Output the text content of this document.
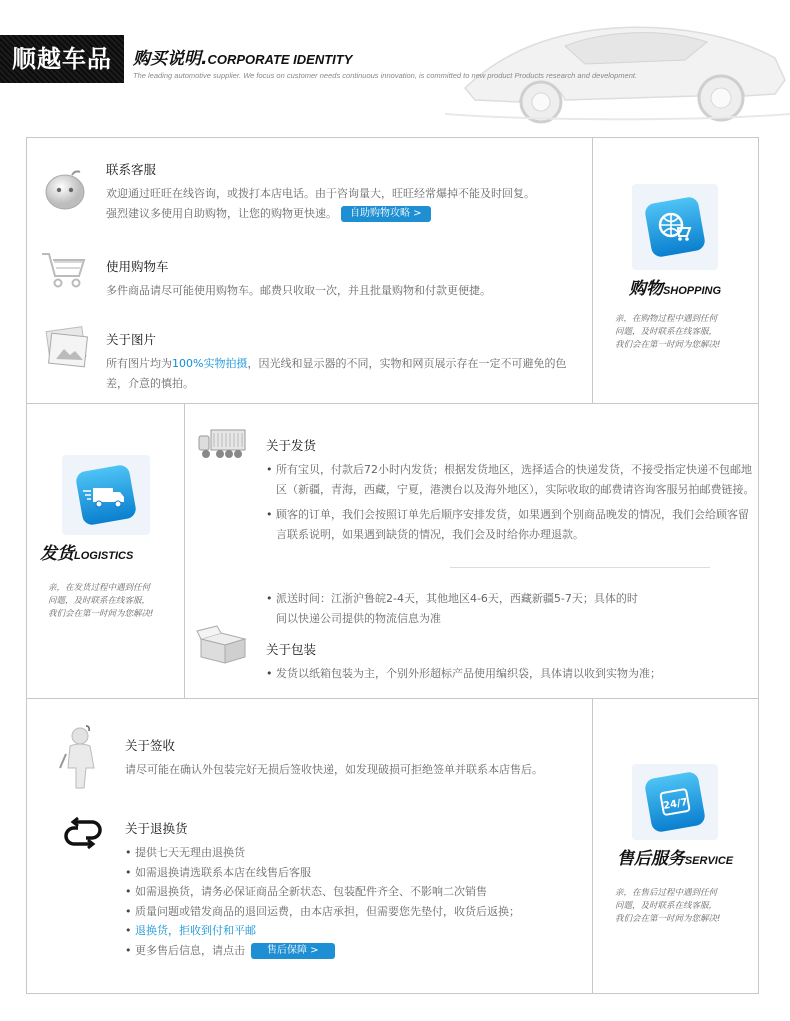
顺越车品	购买说明.CORPORATE IDENTITY
The leading automotive supplier. We focus on customer needs continuous innovation, is committed to new product Products research and development.
联系客服

欢迎通过旺旺在线咨询，或拨打本店电话。由于咨询量大，旺旺经常爆掉不能及时回复。

强烈建议多使用自助购物，让您的购物更快速。 自助购物攻略 >

使用购物车

多件商品请尽可能使用购物车。邮费只收取一次，并且批量购物和付款更便捷。

关于图片

所有图片均为100%实物拍摄，因光线和显示器的不同，实物和网页展示存在一定不可避免的色差，介意的慎拍。

购物SHOPPING
亲，在购物过程中遇到任何
问题，及时联系在线客服，
我们会在第一时间为您解决!
发货LOGISTICS
亲，在发货过程中遇到任何
问题，及时联系在线客服，
我们会在第一时间为您解决!
关于发货
• 所有宝贝，付款后72小时内发货；根据发货地区，选择适合的快递发货，不接受指定快递不包邮地区（新疆，青海，西藏，宁夏，港澳台以及海外地区），实际收取的邮费请咨询客服另拍邮费链接。
• 顾客的订单，我们会按照订单先后顺序安排发货，如果遇到个别商品晚发的情况，我们会给顾客留言联系说明，如果遇到缺货的情况，我们会及时给你办理退款。
• 派送时间：江浙沪鲁皖2-4天，其他地区4-6天，西藏新疆5-7天；具体的时间以快递公司提供的物流信息为准
关于包装
• 发货以纸箱包装为主，个别外形超标产品使用编织袋，具体请以收到实物为准；
关于签收

请尽可能在确认外包装完好无损后签收快递，如发现破损可拒绝签单并联系本店售后。

关于退换货
• 提供七天无理由退换货
• 如需退换请选联系本店在线售后客服
• 如需退换货，请务必保证商品全新状态、包装配件齐全、不影响二次销售
• 质量问题或错发商品的退回运费，由本店承担，但需要您先垫付，收货后返换；
• 退换货，拒收到付和平邮
• 更多售后信息，请点击 售后保障 >
24/7
售后服务SERVICE
亲，在售后过程中遇到任何
问题，及时联系在线客服，
我们会在第一时间为您解决!
